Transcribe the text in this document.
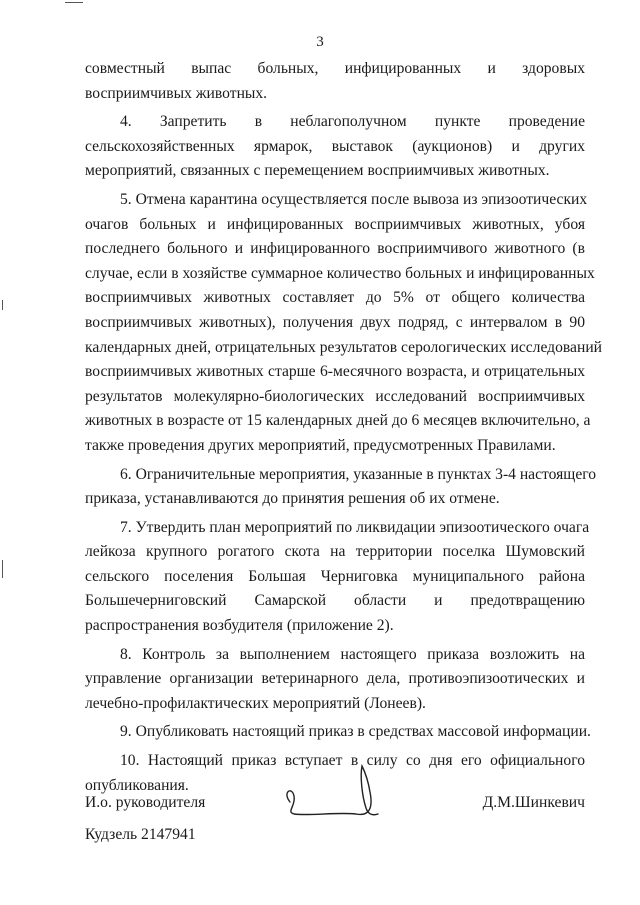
3

совместный выпас больных, инфицированных и здоровых
восприимчивых животных.

4. Запретить в неблагополучном пункте проведение
сельскохозяйственных ярмарок, выставок (аукционов) и других
мероприятий, связанных с перемещением восприимчивых животных.

5. Отмена карантина осуществляется после вывоза из эпизоотических
очагов больных и инфицированных восприимчивых животных, убоя
последнего больного и инфицированного восприимчивого животного (в
случае, если в хозяйстве суммарное количество больных и инфицированных
восприимчивых животных составляет до 5% от общего количества
восприимчивых животных), получения двух подряд, с интервалом в 90
календарных дней, отрицательных результатов серологических исследований
восприимчивых животных старше 6-месячного возраста, и отрицательных
результатов молекулярно-биологических исследований восприимчивых
животных в возрасте от 15 календарных дней до 6 месяцев включительно, а
также проведения других мероприятий, предусмотренных Правилами.

6. Ограничительные мероприятия, указанные в пунктах 3-4 настоящего
приказа, устанавливаются до принятия решения об их отмене.

7. Утвердить план мероприятий по ликвидации эпизоотического очага
лейкоза крупного рогатого скота на территории поселка Шумовский
сельского поселения Большая Черниговка муниципального района
Большечерниговский Самарской области и предотвращению
распространения возбудителя (приложение 2).

8. Контроль за выполнением настоящего приказа возложить на
управление организации ветеринарного дела, противоэпизоотических и
лечебно-профилактических мероприятий (Лонеев).

9. Опубликовать настоящий приказ в средствах массовой информации.

10. Настоящий приказ вступает в силу со дня его официального
опубликования.

И.о. руководителя	Д.М.Шинкевич
Кудзель 2147941
